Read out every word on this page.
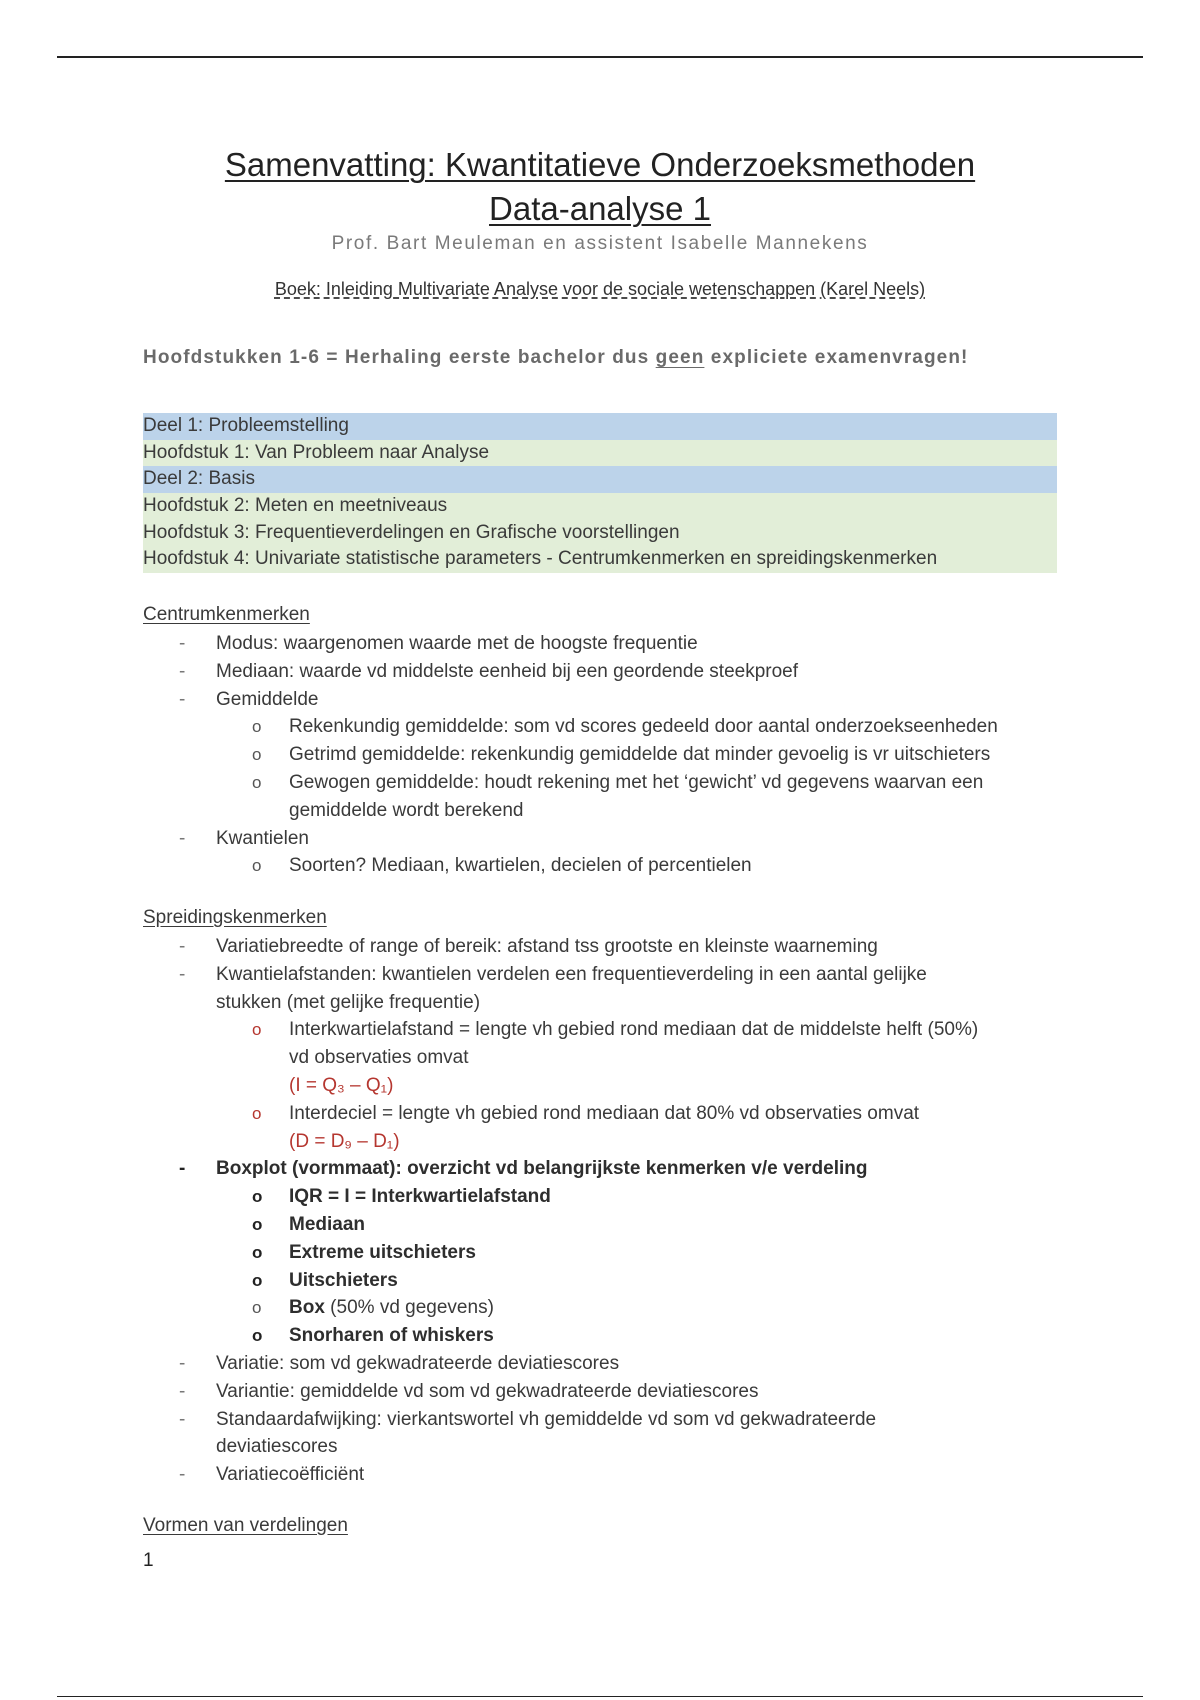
Samenvatting: Kwantitatieve Onderzoeksmethoden
Data-analyse 1
Prof. Bart Meuleman en assistent Isabelle Mannekens
Boek: Inleiding Multivariate Analyse voor de sociale wetenschappen (Karel Neels)
Hoofdstukken 1-6 = Herhaling eerste bachelor dus geen expliciete examenvragen!
Deel 1: Probleemstelling
Hoofdstuk 1: Van Probleem naar Analyse
Deel 2: Basis
Hoofdstuk 2: Meten en meetniveaus
Hoofdstuk 3: Frequentieverdelingen en Grafische voorstellingen
Hoofdstuk 4: Univariate statistische parameters - Centrumkenmerken en spreidingskenmerken
Centrumkenmerken
- Modus: waargenomen waarde met de hoogste frequentie
- Mediaan: waarde vd middelste eenheid bij een geordende steekproef
- Gemiddelde
o Rekenkundig gemiddelde: som vd scores gedeeld door aantal onderzoekseenheden
o Getrimd gemiddelde: rekenkundig gemiddelde dat minder gevoelig is vr uitschieters
o Gewogen gemiddelde: houdt rekening met het ‘gewicht’ vd gegevens waarvan een
gemiddelde wordt berekend
- Kwantielen
o Soorten? Mediaan, kwartielen, decielen of percentielen
Spreidingskenmerken
- Variatiebreedte of range of bereik: afstand tss grootste en kleinste waarneming
- Kwantielafstanden: kwantielen verdelen een frequentieverdeling in een aantal gelijke
stukken (met gelijke frequentie)
o Interkwartielafstand = lengte vh gebied rond mediaan dat de middelste helft (50%)
vd observaties omvat
(I = Q₃ – Q₁)
o Interdeciel = lengte vh gebied rond mediaan dat 80% vd observaties omvat
(D = D₉ – D₁)
- Boxplot (vormmaat): overzicht vd belangrijkste kenmerken v/e verdeling
o IQR = I = Interkwartielafstand
o Mediaan
o Extreme uitschieters
o Uitschieters
o Box (50% vd gegevens)
o Snorharen of whiskers
- Variatie: som vd gekwadrateerde deviatiescores
- Variantie: gemiddelde vd som vd gekwadrateerde deviatiescores
- Standaardafwijking: vierkantswortel vh gemiddelde vd som vd gekwadrateerde
deviatiescores
- Variatiecoëfficiënt
Vormen van verdelingen
1
